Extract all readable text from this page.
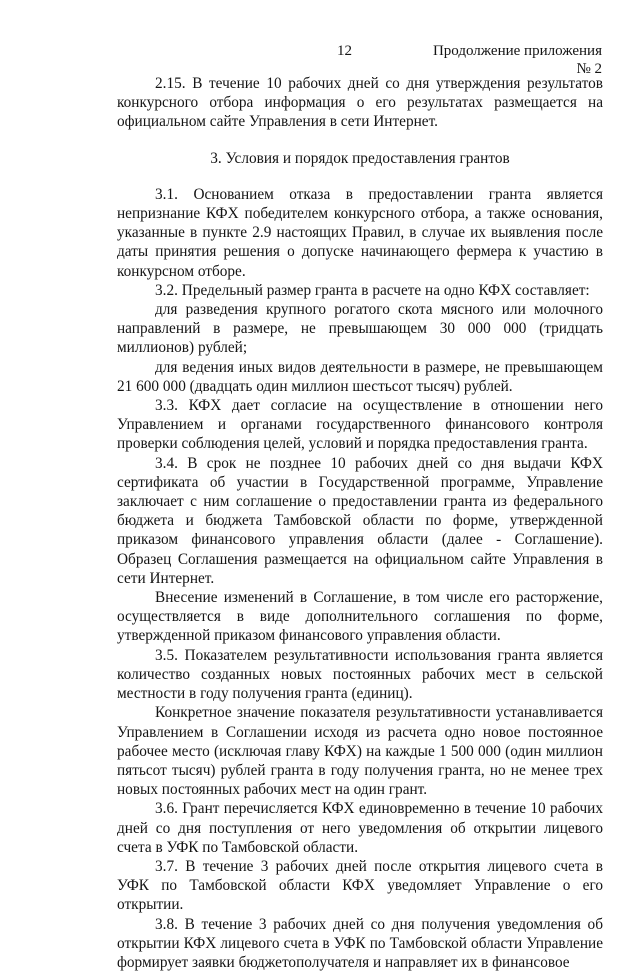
12	Продолжение приложения № 2

2.15. В течение 10 рабочих дней со дня утверждения результатов конкурсного отбора информация о его результатах размещается на официальном сайте Управления в сети Интернет.

3. Условия и порядок предоставления грантов

3.1. Основанием отказа в предоставлении гранта является непризнание КФХ победителем конкурсного отбора, а также основания, указанные в пункте 2.9 настоящих Правил, в случае их выявления после даты принятия решения о допуске начинающего фермера к участию в конкурсном отборе.

3.2. Предельный размер гранта в расчете на одно КФХ составляет:

для разведения крупного рогатого скота мясного или молочного направлений в размере, не превышающем 30 000 000 (тридцать миллионов) рублей;

для ведения иных видов деятельности в размере, не превышающем 21 600 000 (двадцать один миллион шестьсот тысяч) рублей.

3.3. КФХ дает согласие на осуществление в отношении него Управлением и органами государственного финансового контроля проверки соблюдения целей, условий и порядка предоставления гранта.

3.4. В срок не позднее 10 рабочих дней со дня выдачи КФХ сертификата об участии в Государственной программе, Управление заключает с ним соглашение о предоставлении гранта из федерального бюджета и бюджета Тамбовской области по форме, утвержденной приказом финансового управления области (далее - Соглашение). Образец Соглашения размещается на официальном сайте Управления в сети Интернет.

Внесение изменений в Соглашение, в том числе его расторжение, осуществляется в виде дополнительного соглашения по форме, утвержденной приказом финансового управления области.

3.5. Показателем результативности использования гранта является количество созданных новых постоянных рабочих мест в сельской местности в году получения гранта (единиц).

Конкретное значение показателя результативности устанавливается Управлением в Соглашении исходя из расчета одно новое постоянное рабочее место (исключая главу КФХ) на каждые 1 500 000 (один миллион пятьсот тысяч) рублей гранта в году получения гранта, но не менее трех новых постоянных рабочих мест на один грант.

3.6. Грант перечисляется КФХ единовременно в течение 10 рабочих дней со дня поступления от него уведомления об открытии лицевого счета в УФК по Тамбовской области.

3.7. В течение 3 рабочих дней после открытия лицевого счета в УФК по Тамбовской области КФХ уведомляет Управление о его открытии.

3.8. В течение 3 рабочих дней со дня получения уведомления об открытии КФХ лицевого счета в УФК по Тамбовской области Управление формирует заявки бюджетополучателя и направляет их в финансовое
